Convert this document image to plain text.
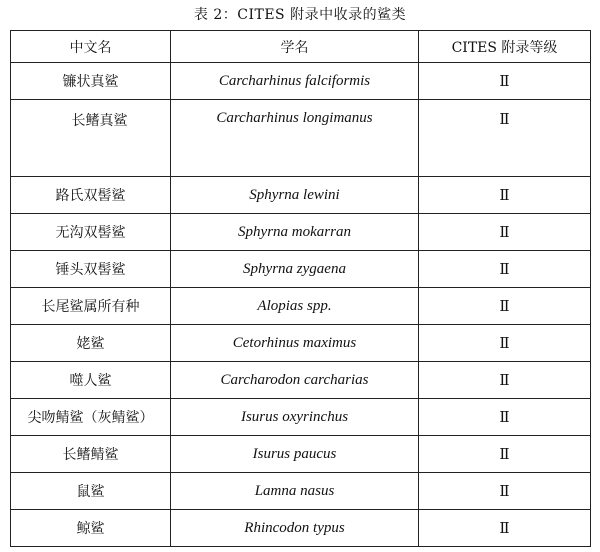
表 2：CITES 附录中收录的鲨类
中文名	学名	CITES 附录等级
镰状真鲨	Carcharhinus falciformis	Ⅱ
长鳍真鲨	Carcharhinus longimanus	Ⅱ
路氏双髻鲨	Sphyrna lewini	Ⅱ
无沟双髻鲨	Sphyrna mokarran	Ⅱ
锤头双髻鲨	Sphyrna zygaena	Ⅱ
长尾鲨属所有种	Alopias spp.	Ⅱ
姥鲨	Cetorhinus maximus	Ⅱ
噬人鲨	Carcharodon carcharias	Ⅱ
尖吻鲭鲨（灰鲭鲨）	Isurus oxyrinchus	Ⅱ
长鳍鲭鲨	Isurus paucus	Ⅱ
鼠鲨	Lamna nasus	Ⅱ
鲸鲨	Rhincodon typus	Ⅱ
